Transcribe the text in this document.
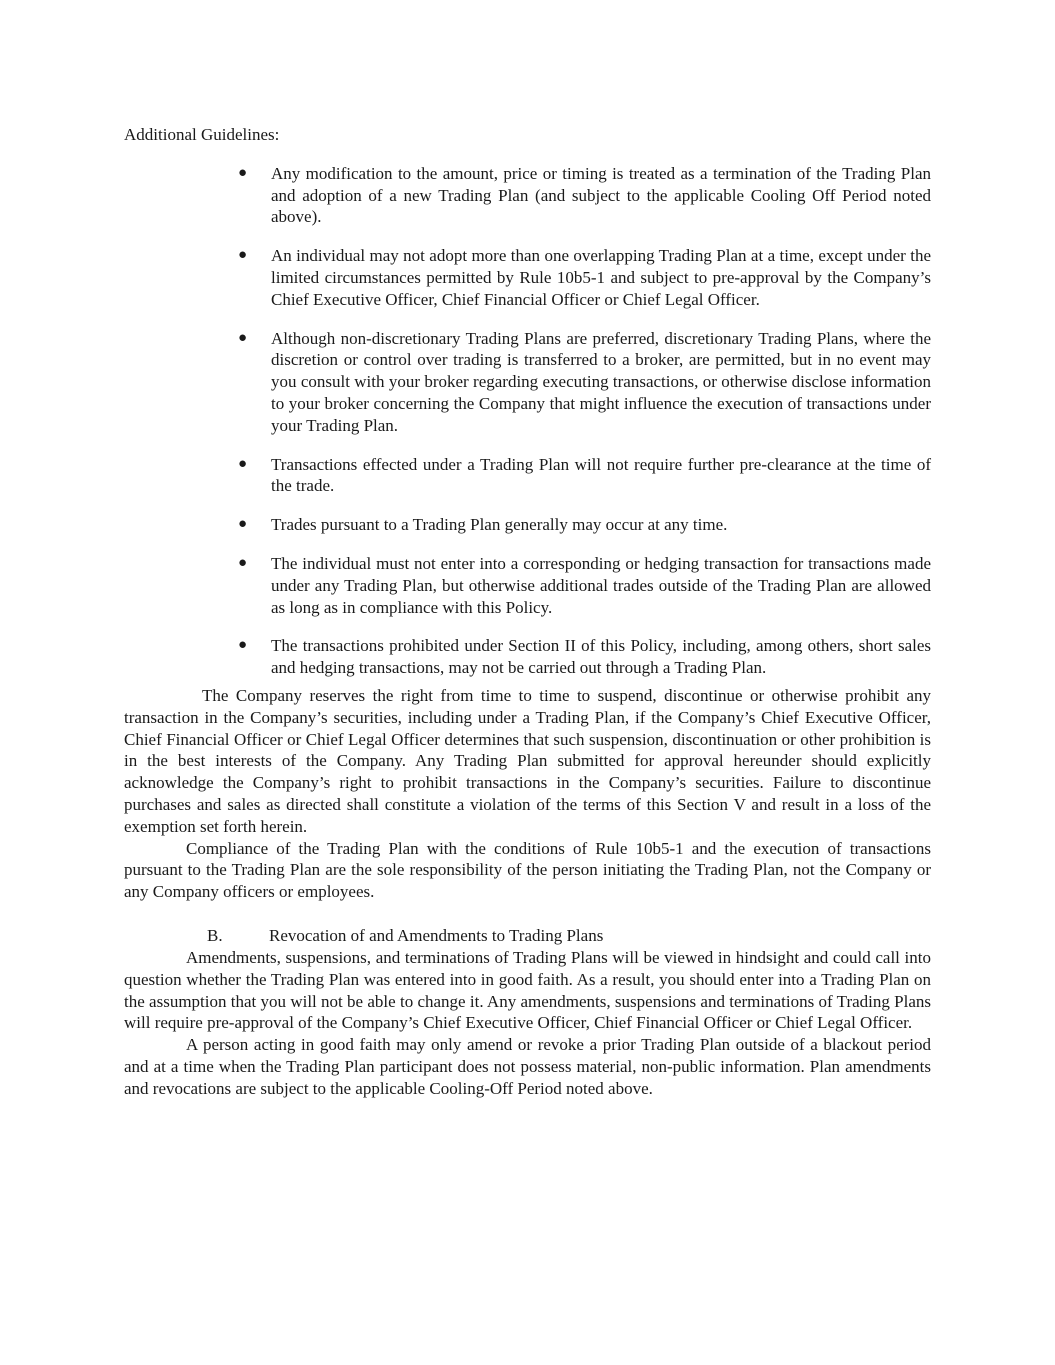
Additional Guidelines:
● Any modification to the amount, price or timing is treated as a termination of the Trading Plan and adoption of a new Trading Plan (and subject to the applicable Cooling Off Period noted above).
● An individual may not adopt more than one overlapping Trading Plan at a time, except under the limited circumstances permitted by Rule 10b5-1 and subject to pre-approval by the Company’s Chief Executive Officer, Chief Financial Officer or Chief Legal Officer.
● Although non-discretionary Trading Plans are preferred, discretionary Trading Plans, where the discretion or control over trading is transferred to a broker, are permitted, but in no event may you consult with your broker regarding executing transactions, or otherwise disclose information to your broker concerning the Company that might influence the execution of transactions under your Trading Plan.
● Transactions effected under a Trading Plan will not require further pre-clearance at the time of the trade.
● Trades pursuant to a Trading Plan generally may occur at any time.
● The individual must not enter into a corresponding or hedging transaction for transactions made under any Trading Plan, but otherwise additional trades outside of the Trading Plan are allowed as long as in compliance with this Policy.
● The transactions prohibited under Section II of this Policy, including, among others, short sales and hedging transactions, may not be carried out through a Trading Plan.

The Company reserves the right from time to time to suspend, discontinue or otherwise prohibit any transaction in the Company’s securities, including under a Trading Plan, if the Company’s Chief Executive Officer, Chief Financial Officer or Chief Legal Officer determines that such suspension, discontinuation or other prohibition is in the best interests of the Company. Any Trading Plan submitted for approval hereunder should explicitly acknowledge the Company’s right to prohibit transactions in the Company’s securities. Failure to discontinue purchases and sales as directed shall constitute a violation of the terms of this Section V and result in a loss of the exemption set forth herein.

Compliance of the Trading Plan with the conditions of Rule 10b5-1 and the execution of transactions pursuant to the Trading Plan are the sole responsibility of the person initiating the Trading Plan, not the Company or any Company officers or employees.

B.	Revocation of and Amendments to Trading Plans

Amendments, suspensions, and terminations of Trading Plans will be viewed in hindsight and could call into question whether the Trading Plan was entered into in good faith. As a result, you should enter into a Trading Plan on the assumption that you will not be able to change it. Any amendments, suspensions and terminations of Trading Plans will require pre-approval of the Company’s Chief Executive Officer, Chief Financial Officer or Chief Legal Officer.

A person acting in good faith may only amend or revoke a prior Trading Plan outside of a blackout period and at a time when the Trading Plan participant does not possess material, non-public information. Plan amendments and revocations are subject to the applicable Cooling-Off Period noted above.
